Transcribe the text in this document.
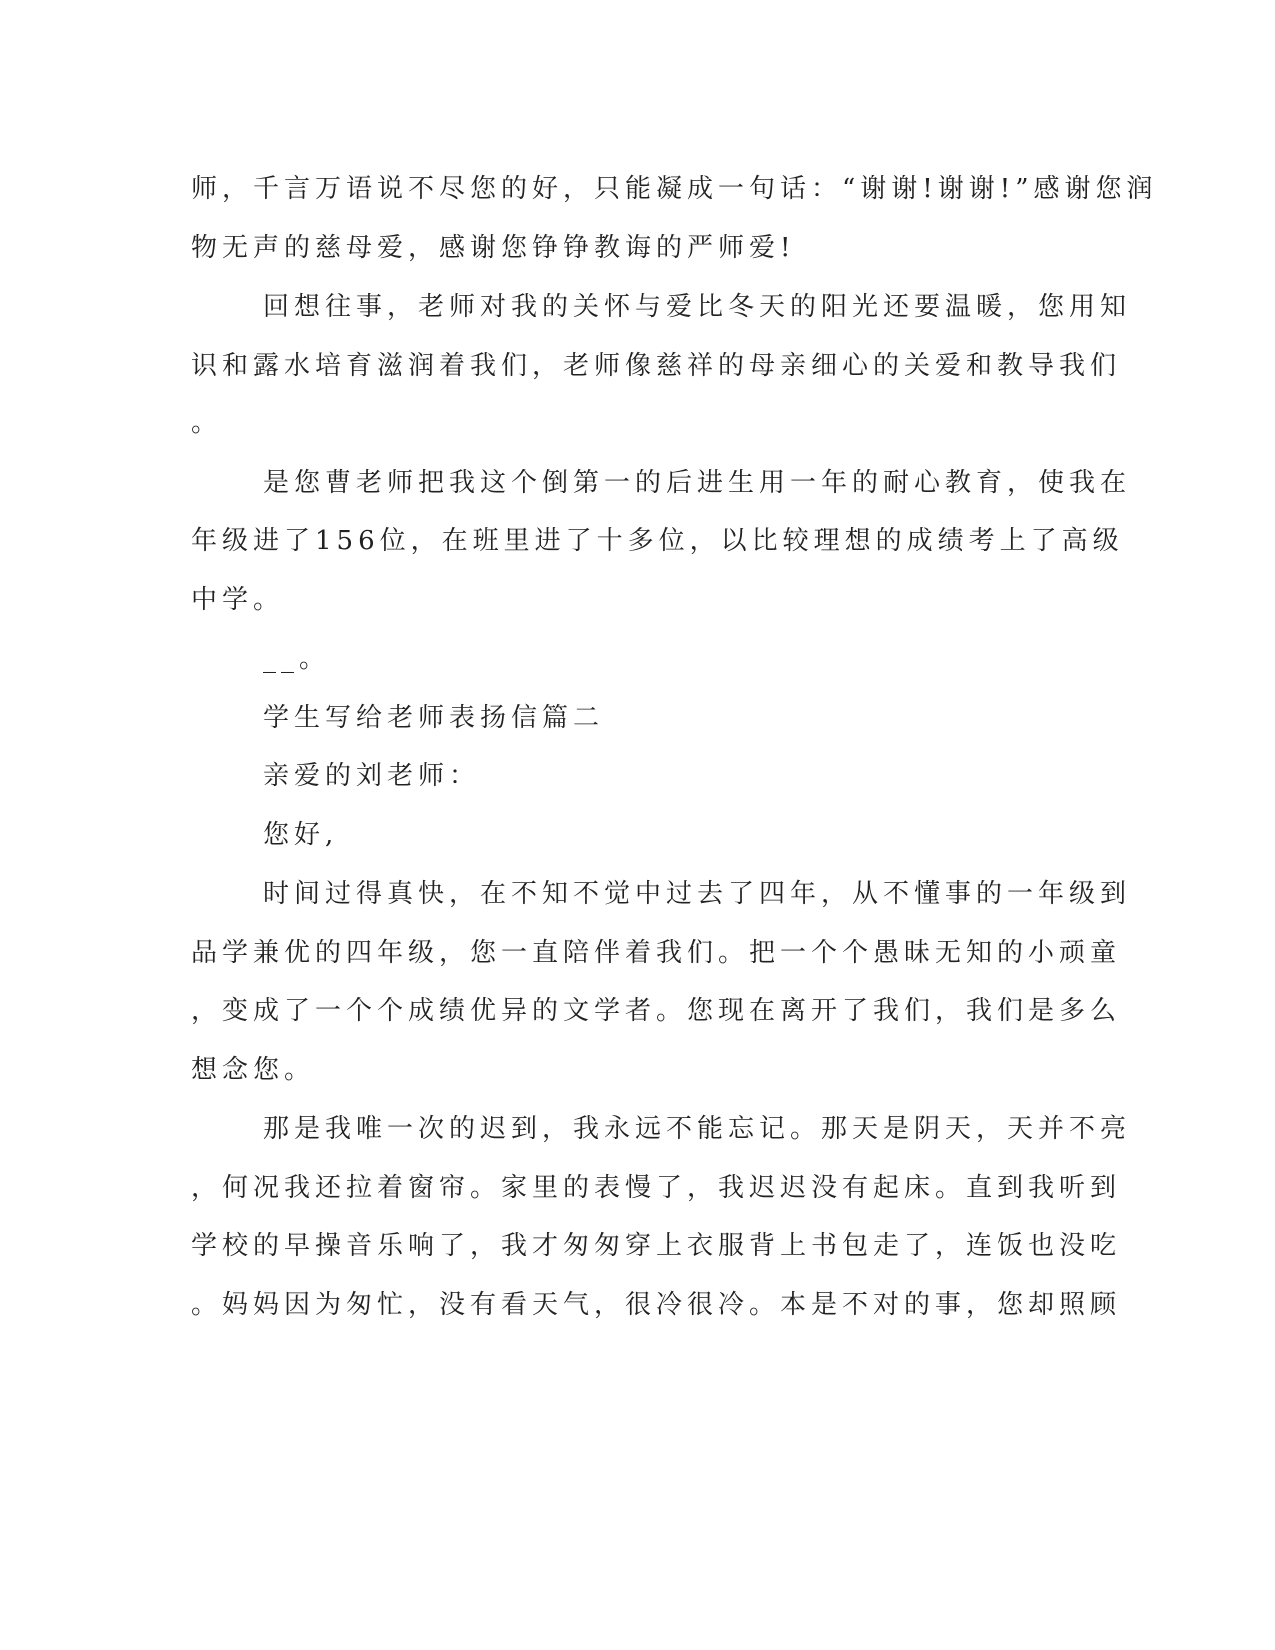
师，千言万语说不尽您的好，只能凝成一句话：“谢谢!谢谢!”感谢您润
物无声的慈母爱，感谢您铮铮教诲的严师爱!
回想往事，老师对我的关怀与爱比冬天的阳光还要温暖，您用知
识和露水培育滋润着我们，老师像慈祥的母亲细心的关爱和教导我们
。
是您曹老师把我这个倒第一的后进生用一年的耐心教育，使我在
年级进了156位，在班里进了十多位，以比较理想的成绩考上了高级
中学。
__。
学生写给老师表扬信篇二
亲爱的刘老师：
您好,
时间过得真快，在不知不觉中过去了四年，从不懂事的一年级到
品学兼优的四年级，您一直陪伴着我们。把一个个愚昧无知的小顽童
，变成了一个个成绩优异的文学者。您现在离开了我们，我们是多么
想念您。
那是我唯一次的迟到，我永远不能忘记。那天是阴天，天并不亮
，何况我还拉着窗帘。家里的表慢了，我迟迟没有起床。直到我听到
学校的早操音乐响了，我才匆匆穿上衣服背上书包走了，连饭也没吃
。妈妈因为匆忙，没有看天气，很冷很冷。本是不对的事，您却照顾
